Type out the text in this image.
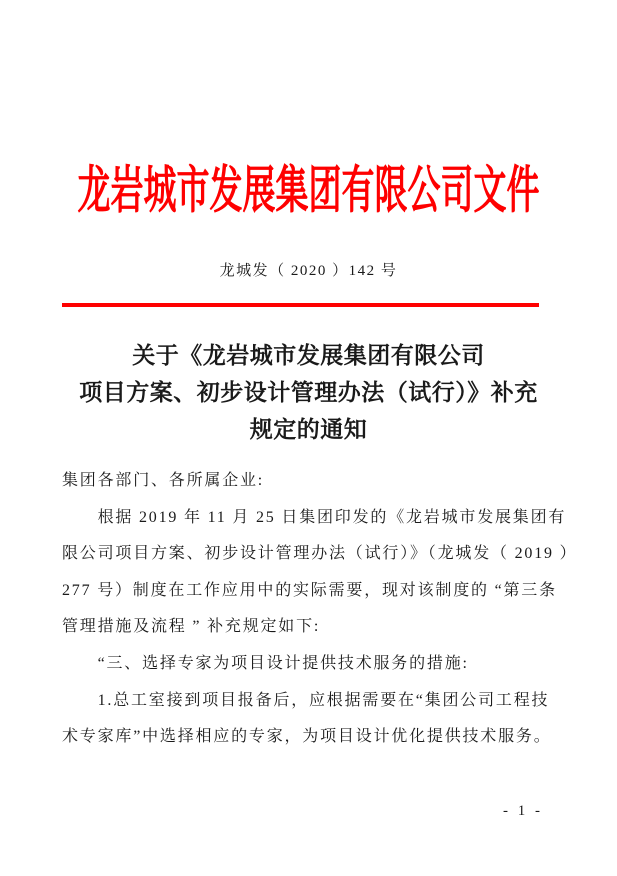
龙岩城市发展集团有限公司文件
龙城发（ 2020 ）142 号
关于《龙岩城市发展集团有限公司
项目方案、初步设计管理办法（试行）》补充
规定的通知

集团各部门、各所属企业:

　　根据 2019 年 11 月 25 日集团印发的《龙岩城市发展集团有

限公司项目方案、初步设计管理办法（试行）》（龙城发（ 2019 ）

277 号）制度在工作应用中的实际需要，现对该制度的 “第三条

管理措施及流程 ” 补充规定如下:

　　“三、选择专家为项目设计提供技术服务的措施:

　　1.总工室接到项目报备后，应根据需要在“集团公司工程技

术专家库”中选择相应的专家，为项目设计优化提供技术服务。

- 1 -
